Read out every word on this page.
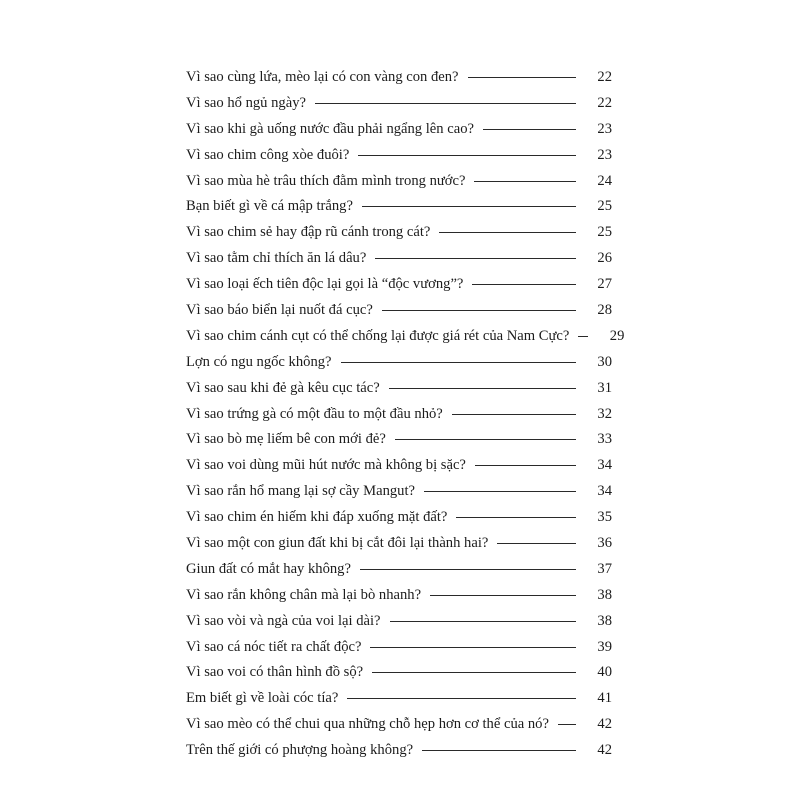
Vì sao cùng lứa, mèo lại có con vàng con đen?	22
Vì sao hổ ngủ ngày?	22
Vì sao khi gà uống nước đầu phải ngẩng lên cao?	23
Vì sao chim công xòe đuôi?	23
Vì sao mùa hè trâu thích đằm mình trong nước?	24
Bạn biết gì về cá mập trắng?	25
Vì sao chim sẻ hay đập rũ cánh trong cát?	25
Vì sao tằm chỉ thích ăn lá dâu?	26
Vì sao loại ếch tiên độc lại gọi là “độc vương”?	27
Vì sao báo biển lại nuốt đá cục?	28
Vì sao chim cánh cụt có thể chống lại được giá rét của Nam Cực?	29
Lợn có ngu ngốc không?	30
Vì sao sau khi đẻ gà kêu cục tác?	31
Vì sao trứng gà có một đầu to một đầu nhỏ?	32
Vì sao bò mẹ liếm bê con mới đẻ?	33
Vì sao voi dùng mũi hút nước mà không bị sặc?	34
Vì sao rắn hổ mang lại sợ cầy Mangut?	34
Vì sao chim én hiếm khi đáp xuống mặt đất?	35
Vì sao một con giun đất khi bị cắt đôi lại thành hai?	36
Giun đất có mắt hay không?	37
Vì sao rắn không chân mà lại bò nhanh?	38
Vì sao vòi và ngà của voi lại dài?	38
Vì sao cá nóc tiết ra chất độc?	39
Vì sao voi có thân hình đồ sộ?	40
Em biết gì về loài cóc tía?	41
Vì sao mèo có thể chui qua những chỗ hẹp hơn cơ thể của nó?	42
Trên thế giới có phượng hoàng không?	42
